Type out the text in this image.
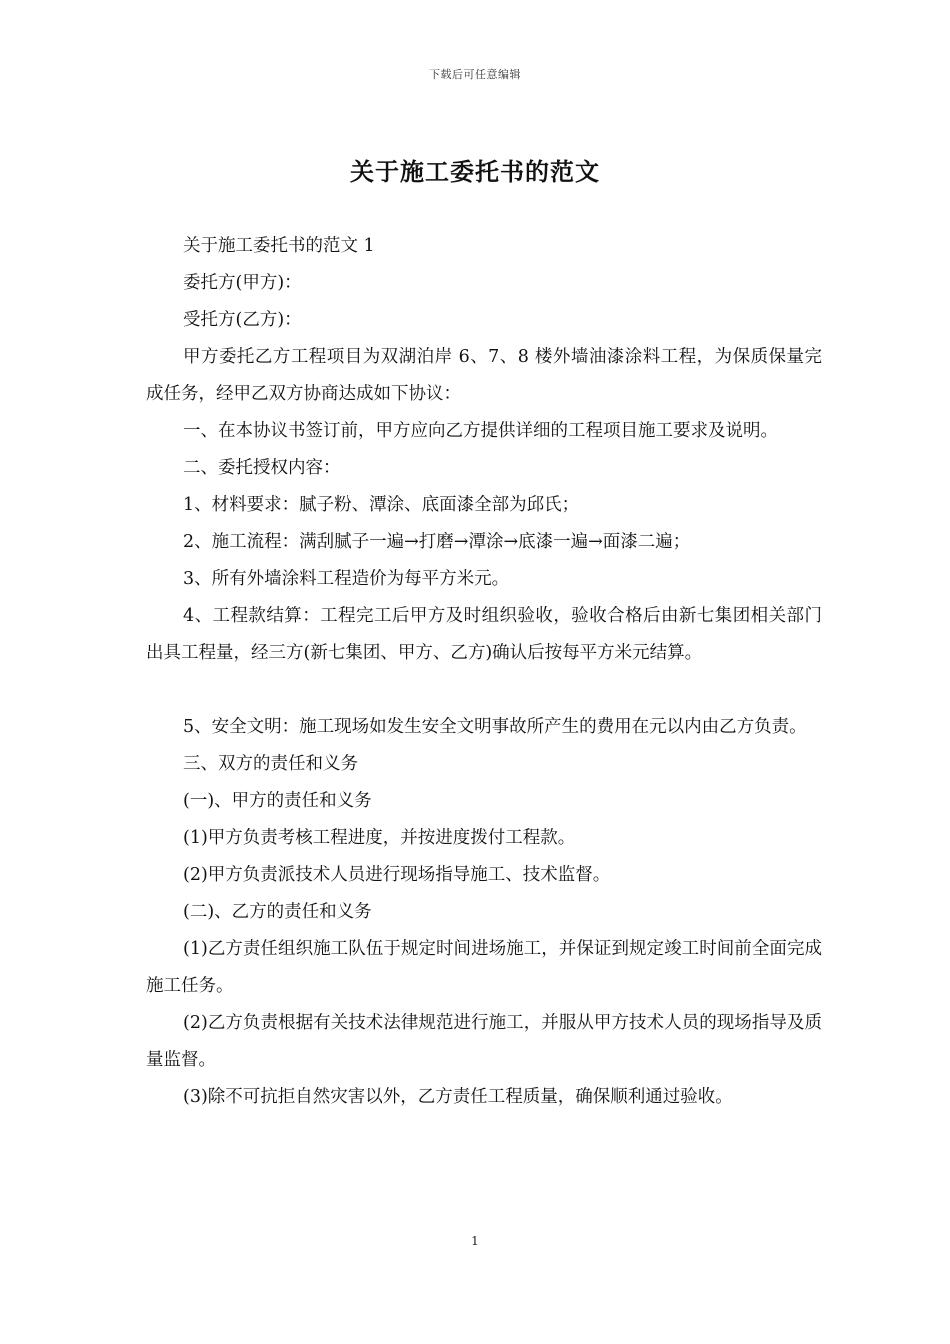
下载后可任意编辑
关于施工委托书的范文

关于施工委托书的范文 1

委托方(甲方)：

受托方(乙方)：

甲方委托乙方工程项目为双湖泊岸 6、7、8 楼外墙油漆涂料工程，为保质保量完成任务，经甲乙双方协商达成如下协议：

一、在本协议书签订前，甲方应向乙方提供详细的工程项目施工要求及说明。

二、委托授权内容：

1、材料要求：腻子粉、潭涂、底面漆全部为邱氏；

2、施工流程：满刮腻子一遍→打磨→潭涂→底漆一遍→面漆二遍；

3、所有外墙涂料工程造价为每平方米元。

4、工程款结算：工程完工后甲方及时组织验收，验收合格后由新七集团相关部门出具工程量，经三方(新七集团、甲方、乙方)确认后按每平方米元结算。

5、安全文明：施工现场如发生安全文明事故所产生的费用在元以内由乙方负责。

三、双方的责任和义务

(一)、甲方的责任和义务

(1)甲方负责考核工程进度，并按进度拨付工程款。

(2)甲方负责派技术人员进行现场指导施工、技术监督。

(二)、乙方的责任和义务

(1)乙方责任组织施工队伍于规定时间进场施工，并保证到规定竣工时间前全面完成施工任务。

(2)乙方负责根据有关技术法律规范进行施工，并服从甲方技术人员的现场指导及质量监督。

(3)除不可抗拒自然灾害以外，乙方责任工程质量，确保顺利通过验收。

1
